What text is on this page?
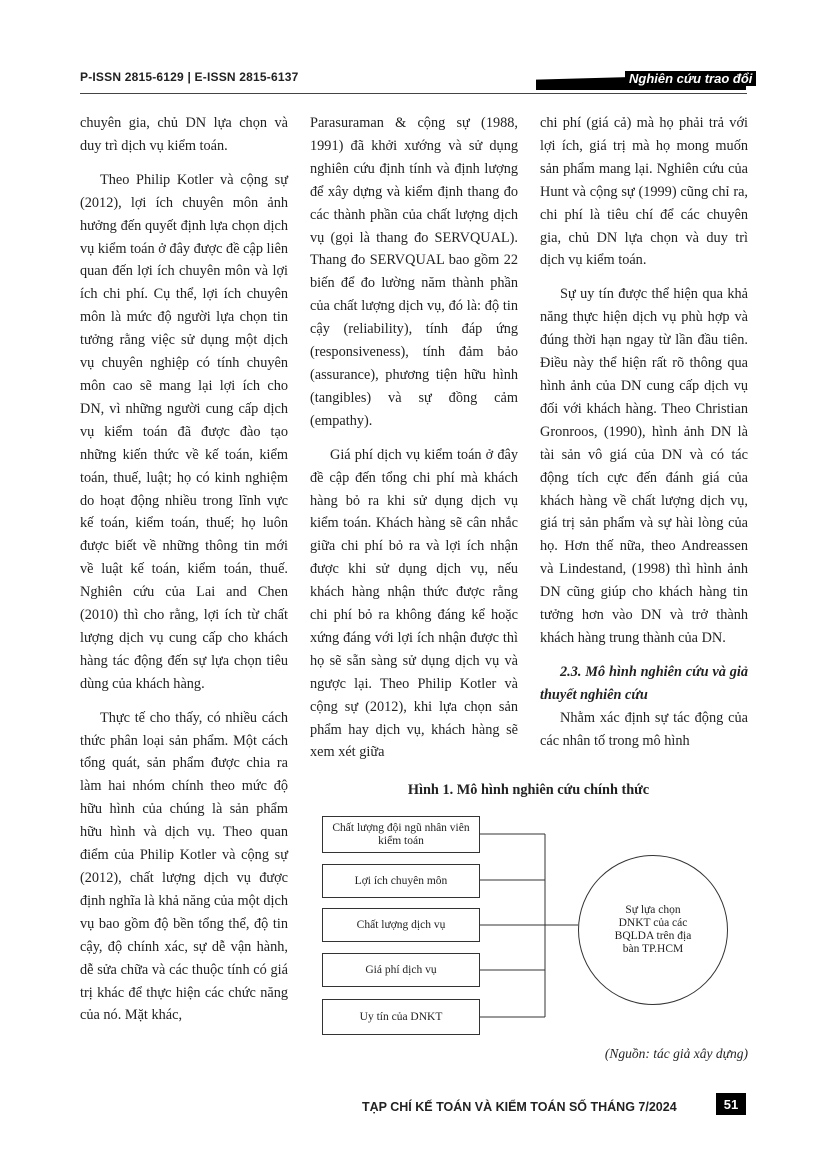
P-ISSN 2815-6129 | E-ISSN 2815-6137	Nghiên cứu trao đổi

chuyên gia, chủ DN lựa chọn và duy trì dịch vụ kiểm toán.

Theo Philip Kotler và cộng sự (2012), lợi ích chuyên môn ảnh hưởng đến quyết định lựa chọn dịch vụ kiểm toán ở đây được đề cập liên quan đến lợi ích chuyên môn và lợi ích chi phí. Cụ thể, lợi ích chuyên môn là mức độ người lựa chọn tin tưởng rằng việc sử dụng một dịch vụ chuyên nghiệp có tính chuyên môn cao sẽ mang lại lợi ích cho DN, vì những người cung cấp dịch vụ kiểm toán đã được đào tạo những kiến thức về kế toán, kiểm toán, thuế, luật; họ có kinh nghiệm do hoạt động nhiều trong lĩnh vực kế toán, kiểm toán, thuế; họ luôn được biết về những thông tin mới về luật kế toán, kiểm toán, thuế. Nghiên cứu của Lai and Chen (2010) thì cho rằng, lợi ích từ chất lượng dịch vụ cung cấp cho khách hàng tác động đến sự lựa chọn tiêu dùng của khách hàng.

Thực tế cho thấy, có nhiều cách thức phân loại sản phẩm. Một cách tổng quát, sản phẩm được chia ra làm hai nhóm chính theo mức độ hữu hình của chúng là sản phẩm hữu hình và dịch vụ. Theo quan điểm của Philip Kotler và cộng sự (2012), chất lượng dịch vụ được định nghĩa là khả năng của một dịch vụ bao gồm độ bền tổng thể, độ tin cậy, độ chính xác, sự dễ vận hành, dễ sửa chữa và các thuộc tính có giá trị khác để thực hiện các chức năng của nó. Mặt khác,

Parasuraman & cộng sự (1988, 1991) đã khởi xướng và sử dụng nghiên cứu định tính và định lượng để xây dựng và kiểm định thang đo các thành phần của chất lượng dịch vụ (gọi là thang đo SERVQUAL). Thang đo SERVQUAL bao gồm 22 biến để đo lường năm thành phần của chất lượng dịch vụ, đó là: độ tin cậy (reliability), tính đáp ứng (responsiveness), tính đảm bảo (assurance), phương tiện hữu hình (tangibles) và sự đồng cảm (empathy).

Giá phí dịch vụ kiểm toán ở đây đề cập đến tổng chi phí mà khách hàng bỏ ra khi sử dụng dịch vụ kiểm toán. Khách hàng sẽ cân nhắc giữa chi phí bỏ ra và lợi ích nhận được khi sử dụng dịch vụ, nếu khách hàng nhận thức được rằng chi phí bỏ ra không đáng kể hoặc xứng đáng với lợi ích nhận được thì họ sẽ sẵn sàng sử dụng dịch vụ và ngược lại. Theo Philip Kotler và cộng sự (2012), khi lựa chọn sản phẩm hay dịch vụ, khách hàng sẽ xem xét giữa

chi phí (giá cả) mà họ phải trả với lợi ích, giá trị mà họ mong muốn sản phẩm mang lại. Nghiên cứu của Hunt và cộng sự (1999) cũng chỉ ra, chi phí là tiêu chí để các chuyên gia, chủ DN lựa chọn và duy trì dịch vụ kiểm toán.

Sự uy tín được thể hiện qua khả năng thực hiện dịch vụ phù hợp và đúng thời hạn ngay từ lần đầu tiên. Điều này thể hiện rất rõ thông qua hình ảnh của DN cung cấp dịch vụ đối với khách hàng. Theo Christian Gronroos, (1990), hình ảnh DN là tài sản vô giá của DN và có tác động tích cực đến đánh giá của khách hàng về chất lượng dịch vụ, giá trị sản phẩm và sự hài lòng của họ. Hơn thế nữa, theo Andreassen và Lindestand, (1998) thì hình ảnh DN cũng giúp cho khách hàng tin tưởng hơn vào DN và trở thành khách hàng trung thành của DN.

2.3. Mô hình nghiên cứu và giả thuyết nghiên cứu

Nhằm xác định sự tác động của các nhân tố trong mô hình

Hình 1. Mô hình nghiên cứu chính thức
Chất lượng đội ngũ nhân viên kiểm toán
Lợi ích chuyên môn
Chất lượng dịch vụ
Giá phí dịch vụ
Uy tín của DNKT
Sự lựa chọn DNKT của các BQLDA trên địa bàn TP.HCM
(Nguồn: tác giả xây dựng)
TẠP CHÍ KẾ TOÁN VÀ KIỂM TOÁN SỐ THÁNG 7/2024	51
